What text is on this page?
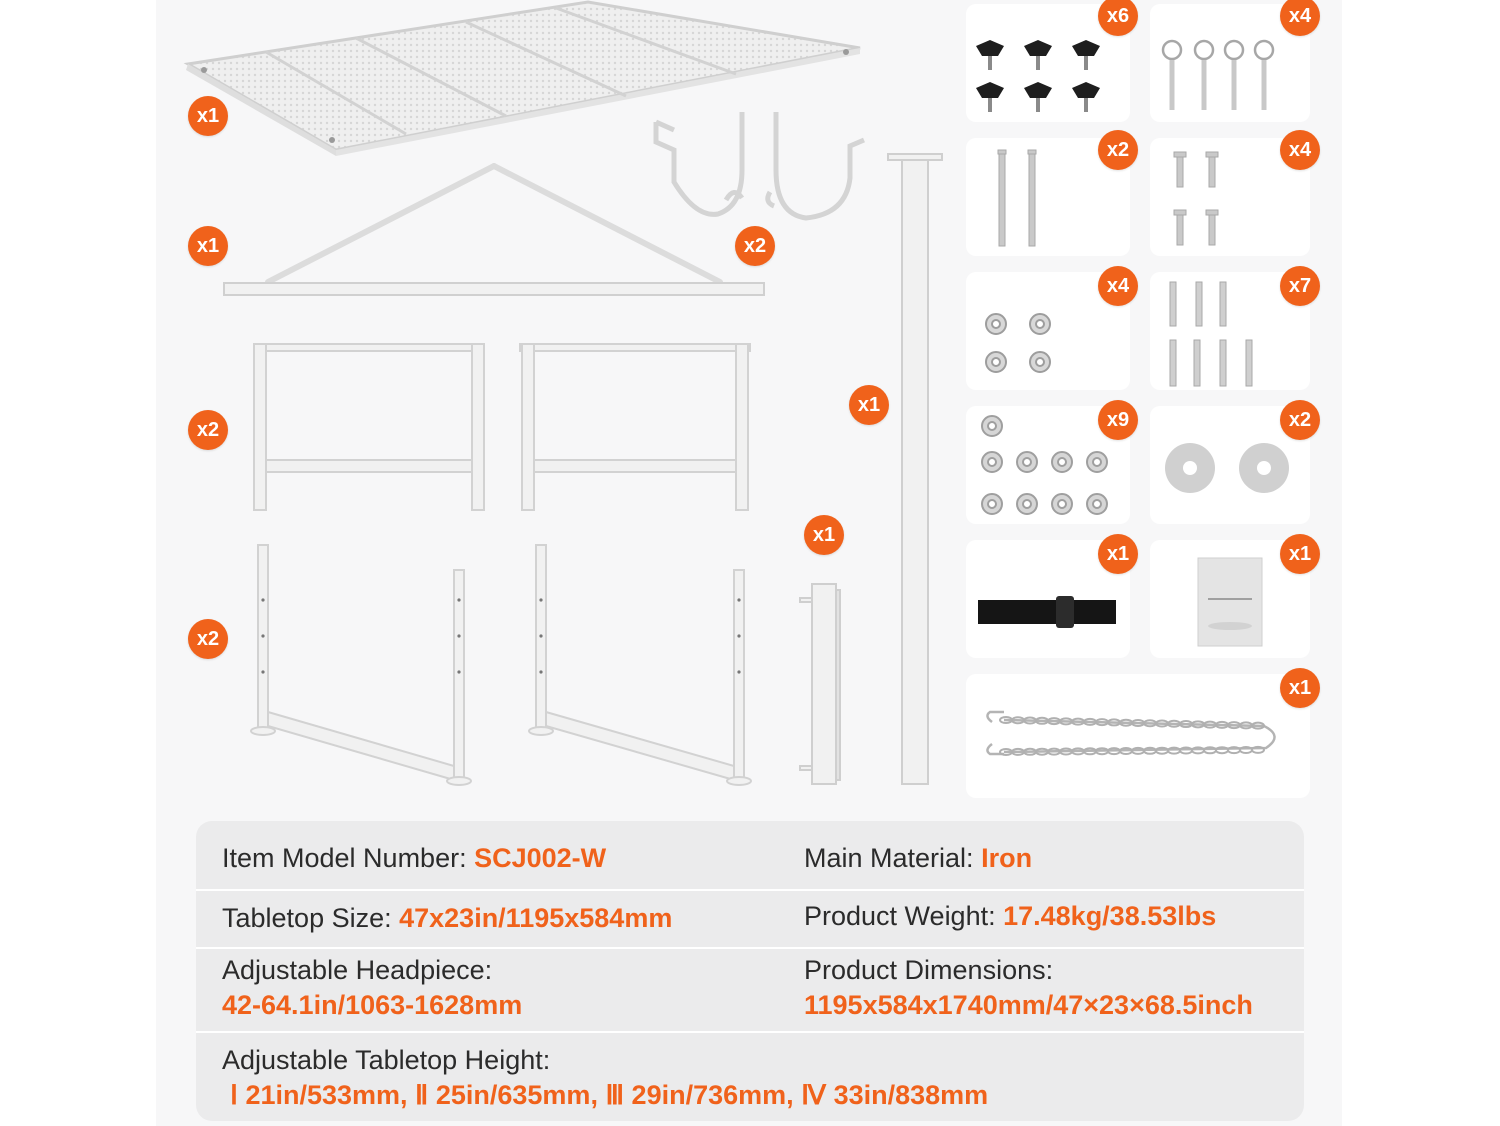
x1
x1	x2
x2
x2
x1
x1
x6	x4
x2	x4
x4	x7
x9	x2
x1	x1
x1
Item Model Number: SCJ002-W	Main Material: Iron
Tabletop Size: 47x23in/1195x584mm	Product Weight: 17.48kg/38.53lbs
Adjustable Headpiece:
42-64.1in/1063-1628mm
Product Dimensions:
1195x584x1740mm/47×23×68.5inch
Adjustable Tabletop Height:
Ⅰ 21in/533mm, Ⅱ 25in/635mm, Ⅲ 29in/736mm, Ⅳ 33in/838mm
